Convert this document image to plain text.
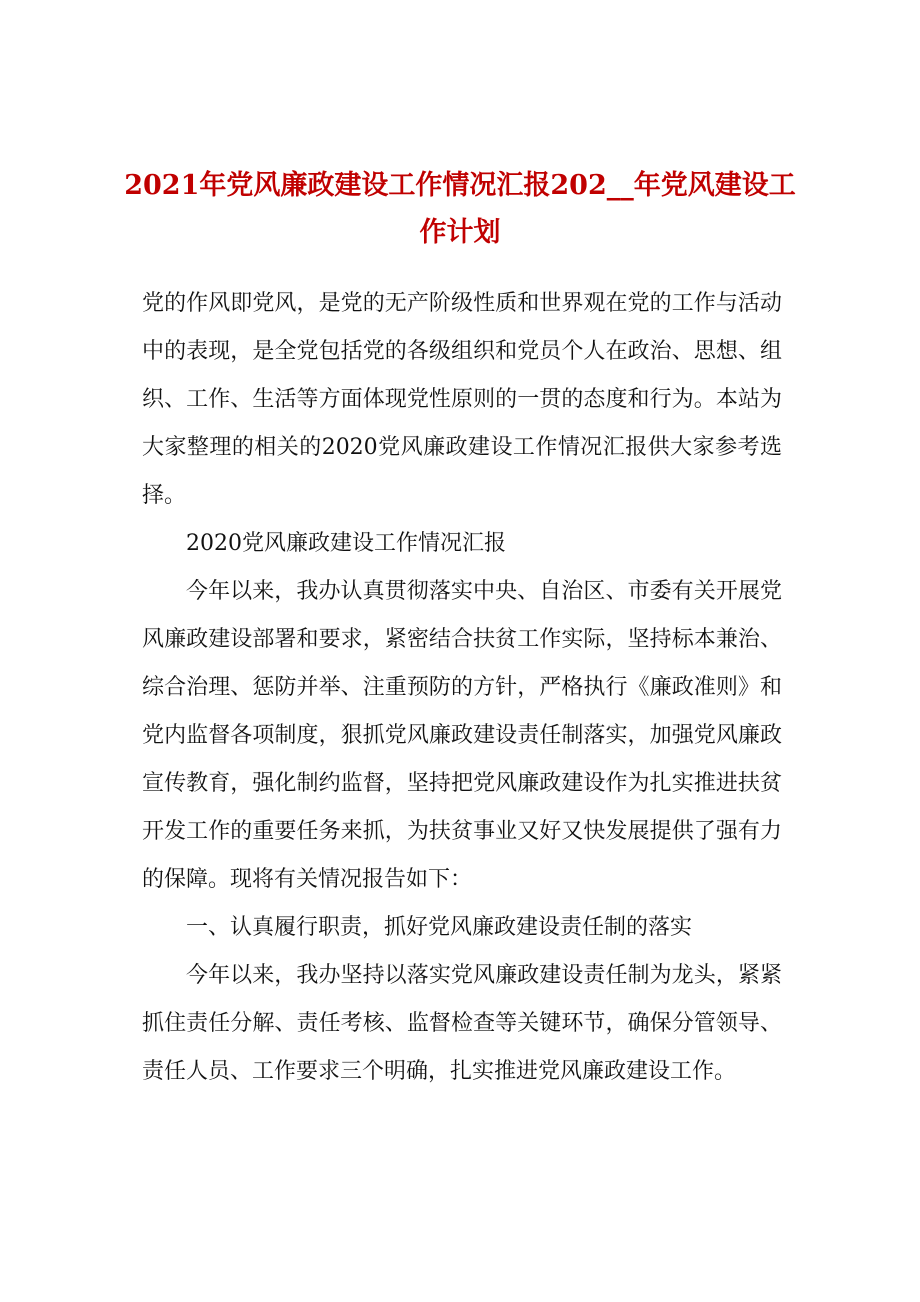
2021年党风廉政建设工作情况汇报202__年党风建设工作计划

党的作风即党风，是党的无产阶级性质和世界观在党的工作与活动中的表现，是全党包括党的各级组织和党员个人在政治、思想、组织、工作、生活等方面体现党性原则的一贯的态度和行为。本站为大家整理的相关的2020党风廉政建设工作情况汇报供大家参考选择。

2020党风廉政建设工作情况汇报

今年以来，我办认真贯彻落实中央、自治区、市委有关开展党风廉政建设部署和要求，紧密结合扶贫工作实际，坚持标本兼治、综合治理、惩防并举、注重预防的方针，严格执行《廉政准则》和党内监督各项制度，狠抓党风廉政建设责任制落实，加强党风廉政宣传教育，强化制约监督，坚持把党风廉政建设作为扎实推进扶贫开发工作的重要任务来抓，为扶贫事业又好又快发展提供了强有力的保障。现将有关情况报告如下：

一、认真履行职责，抓好党风廉政建设责任制的落实

今年以来，我办坚持以落实党风廉政建设责任制为龙头，紧紧抓住责任分解、责任考核、监督检查等关键环节，确保分管领导、责任人员、工作要求三个明确，扎实推进党风廉政建设工作。
